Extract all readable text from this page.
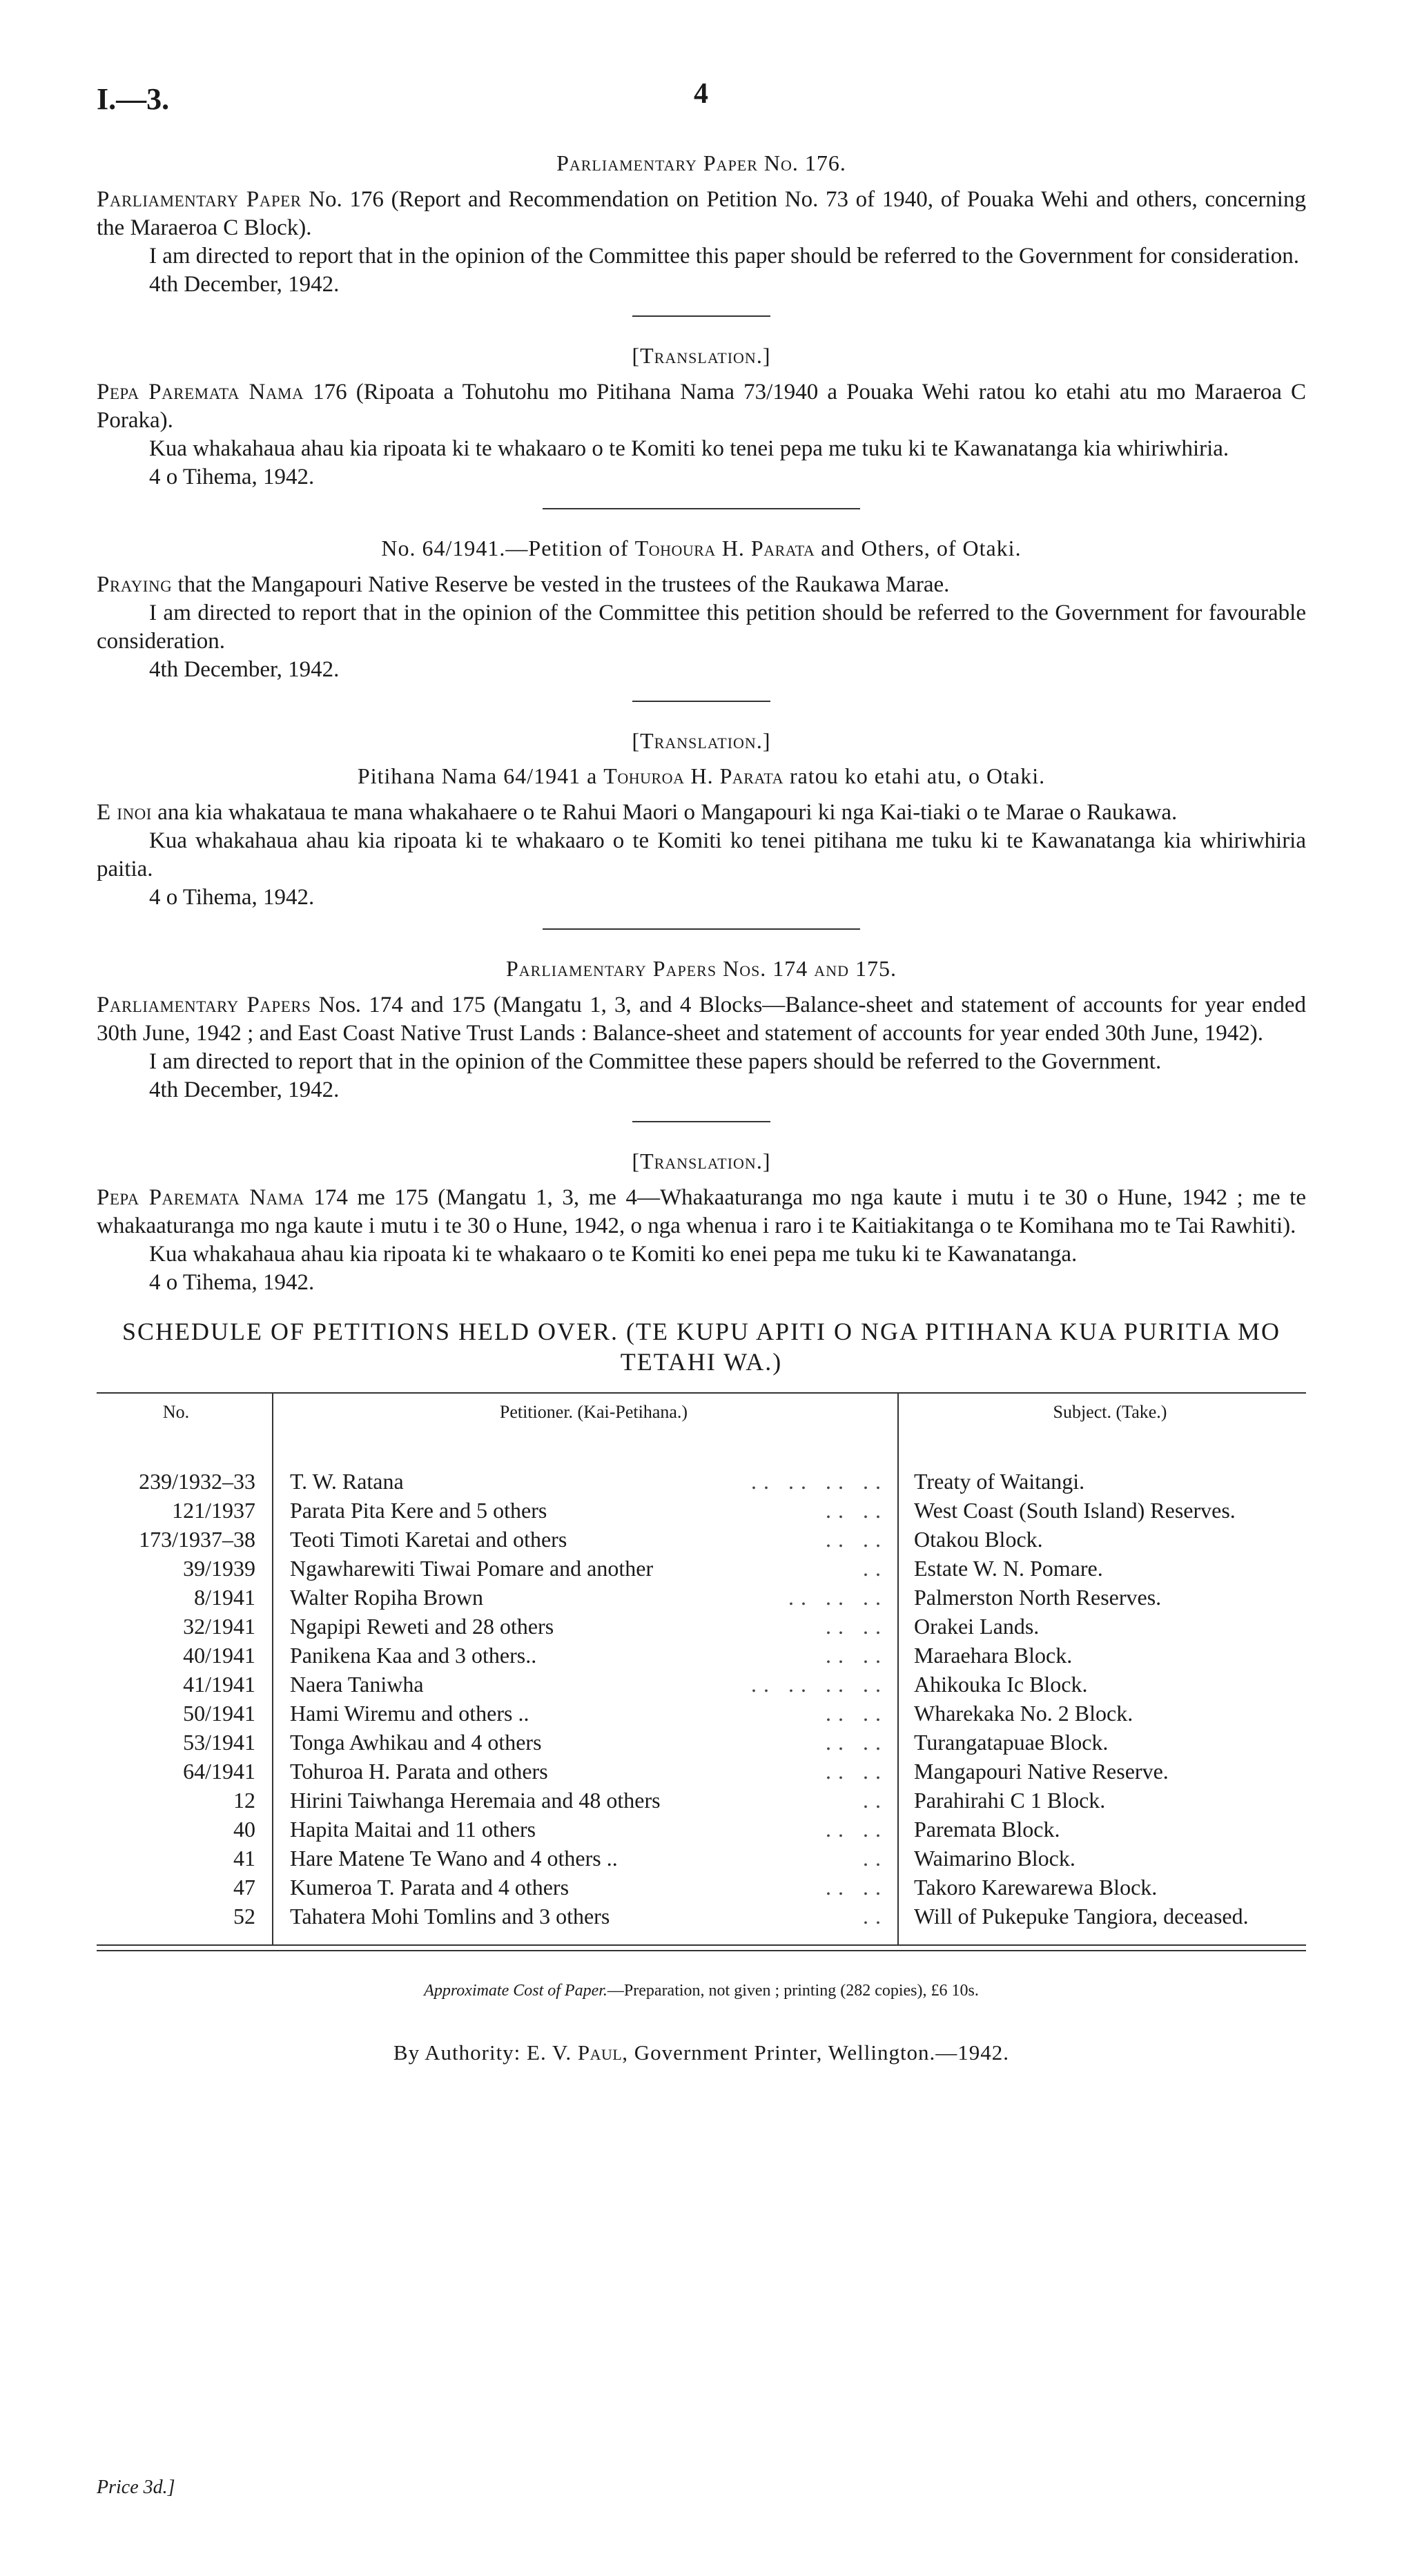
I.—3.	4
Parliamentary Paper No. 176.

Parliamentary Paper No. 176 (Report and Recommendation on Petition No. 73 of 1940, of Pouaka Wehi and others, concerning the Maraeroa C Block).

I am directed to report that in the opinion of the Committee this paper should be referred to the Government for consideration.

4th December, 1942.
[Translation.]

Pepa Paremata Nama 176 (Ripoata a Tohutohu mo Pitihana Nama 73/1940 a Pouaka Wehi ratou ko etahi atu mo Maraeroa C Poraka).

Kua whakahaua ahau kia ripoata ki te whakaaro o te Komiti ko tenei pepa me tuku ki te Kawanatanga kia whiriwhiria.

4 o Tihema, 1942.
No. 64/1941.—Petition of Tohoura H. Parata and Others, of Otaki.

Praying that the Mangapouri Native Reserve be vested in the trustees of the Raukawa Marae.

I am directed to report that in the opinion of the Committee this petition should be referred to the Government for favourable consideration.

4th December, 1942.
[Translation.]
Pitihana Nama 64/1941 a Tohuroa H. Parata ratou ko etahi atu, o Otaki.

E inoi ana kia whakataua te mana whakahaere o te Rahui Maori o Mangapouri ki nga Kai-tiaki o te Marae o Raukawa.

Kua whakahaua ahau kia ripoata ki te whakaaro o te Komiti ko tenei pitihana me tuku ki te Kawanatanga kia whiriwhiria paitia.

4 o Tihema, 1942.
Parliamentary Papers Nos. 174 and 175.

Parliamentary Papers Nos. 174 and 175 (Mangatu 1, 3, and 4 Blocks—Balance-sheet and statement of accounts for year ended 30th June, 1942 ; and East Coast Native Trust Lands : Balance-sheet and statement of accounts for year ended 30th June, 1942).

I am directed to report that in the opinion of the Committee these papers should be referred to the Government.

4th December, 1942.
[Translation.]

Pepa Paremata Nama 174 me 175 (Mangatu 1, 3, me 4—Whakaaturanga mo nga kaute i mutu i te 30 o Hune, 1942 ; me te whakaaturanga mo nga kaute i mutu i te 30 o Hune, 1942, o nga whenua i raro i te Kaitiakitanga o te Komihana mo te Tai Rawhiti).

Kua whakahaua ahau kia ripoata ki te whakaaro o te Komiti ko enei pepa me tuku ki te Kawanatanga.

4 o Tihema, 1942.
SCHEDULE OF PETITIONS HELD OVER. (TE KUPU APITI O NGA PITIHANA KUA PURITIA MO TETAHI WA.)
No.	Petitioner. (Kai-Petihana.)	Subject. (Take.)

239/1932–33	T. W. Ratana .. .. .. ..	Treaty of Waitangi.
121/1937	Parata Pita Kere and 5 others .. ..	West Coast (South Island) Reserves.
173/1937–38	Teoti Timoti Karetai and others .. ..	Otakou Block.
39/1939	Ngawharewiti Tiwai Pomare and another ..	Estate W. N. Pomare.
8/1941	Walter Ropiha Brown .. .. ..	Palmerston North Reserves.
32/1941	Ngapipi Reweti and 28 others .. ..	Orakei Lands.
40/1941	Panikena Kaa and 3 others.. .. ..	Maraehara Block.
41/1941	Naera Taniwha .. .. .. ..	Ahikouka Ic Block.
50/1941	Hami Wiremu and others .. .. ..	Wharekaka No. 2 Block.
53/1941	Tonga Awhikau and 4 others .. ..	Turangatapuae Block.
64/1941	Tohuroa H. Parata and others .. ..	Mangapouri Native Reserve.
12	Hirini Taiwhanga Heremaia and 48 others ..	Parahirahi C 1 Block.
40	Hapita Maitai and 11 others .. ..	Paremata Block.
41	Hare Matene Te Wano and 4 others .. ..	Waimarino Block.
47	Kumeroa T. Parata and 4 others .. ..	Takoro Karewarewa Block.
52	Tahatera Mohi Tomlins and 3 others ..	Will of Pukepuke Tangiora, deceased.

Approximate Cost of Paper.—Preparation, not given ; printing (282 copies), £6 10s.
By Authority: E. V. Paul, Government Printer, Wellington.—1942.
Price 3d.]
